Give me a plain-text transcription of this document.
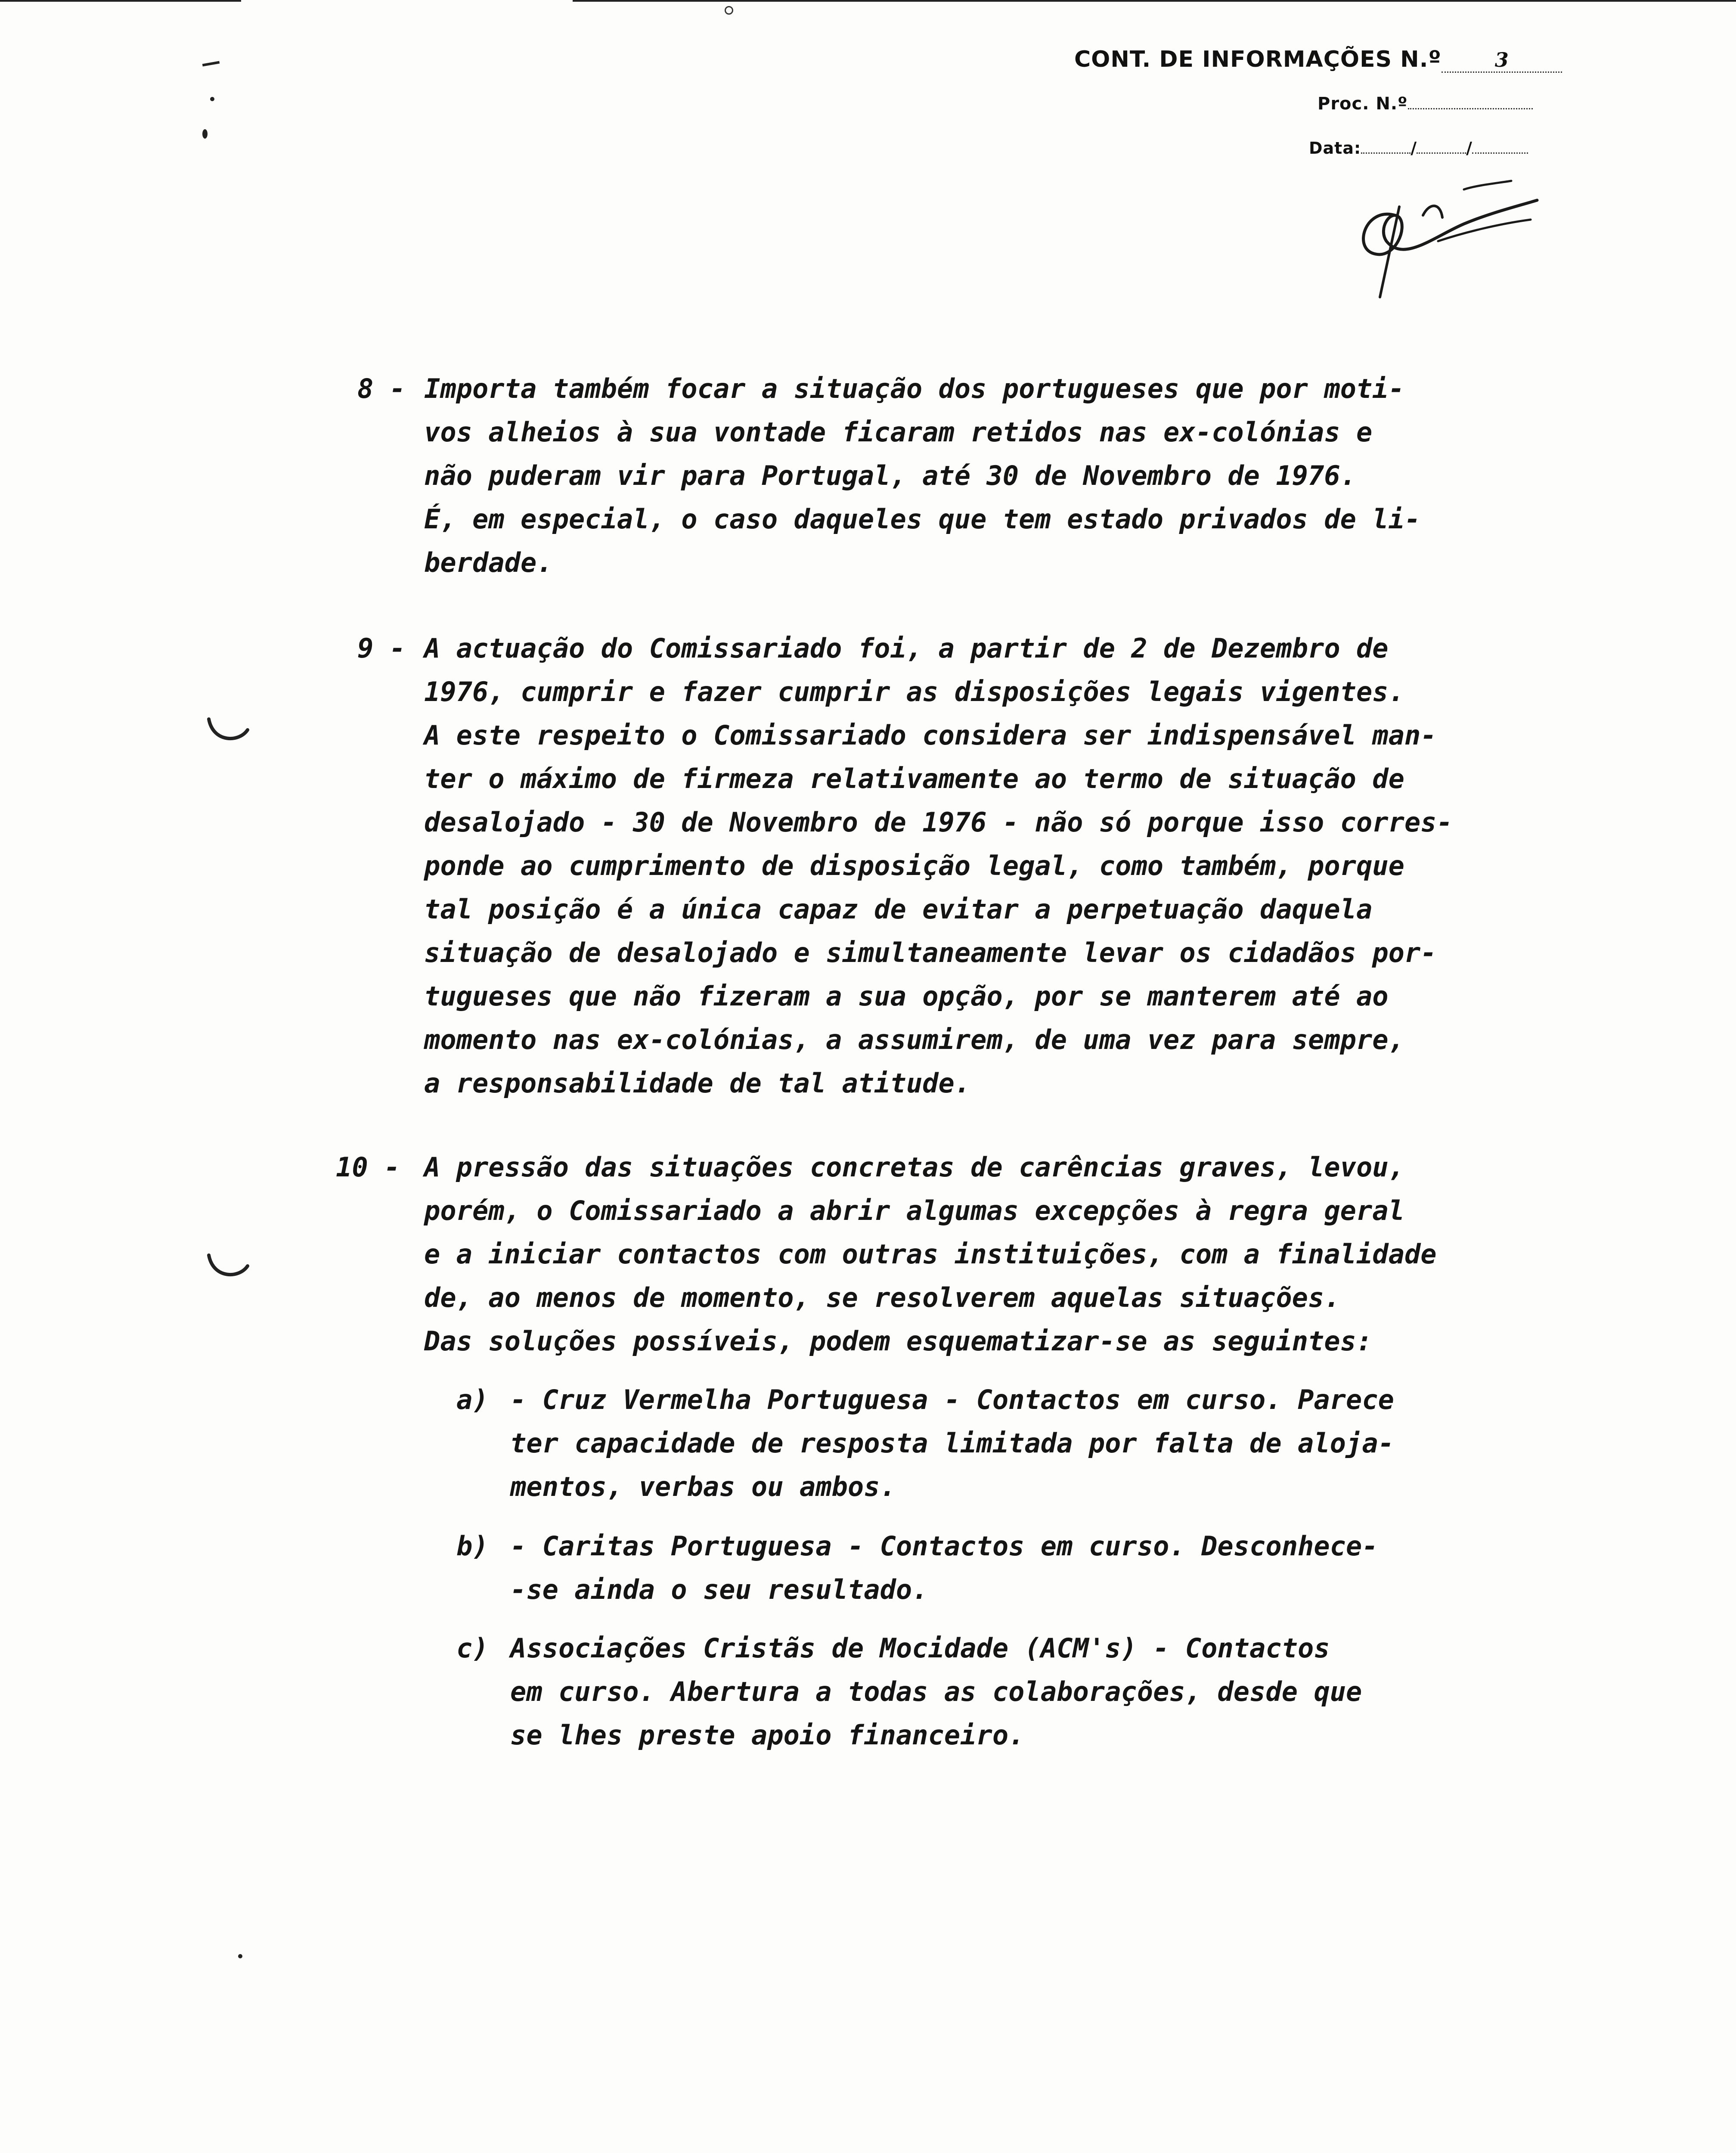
CONT. DE INFORMAÇÕES N.º	3
Proc. N.º
Data:	/	/
8 - Importa também focar a situação dos portugueses que por moti-
vos alheios à sua vontade ficaram retidos nas ex-colónias e
não puderam vir para Portugal, até 30 de Novembro de 1976.
É, em especial, o caso daqueles que tem estado privados de li-
berdade.
9 - A actuação do Comissariado foi, a partir de 2 de Dezembro de
1976, cumprir e fazer cumprir as disposições legais vigentes.
A este respeito o Comissariado considera ser indispensável man-
ter o máximo de firmeza relativamente ao termo de situação de
desalojado - 30 de Novembro de 1976 - não só porque isso corres-
ponde ao cumprimento de disposição legal, como também, porque
tal posição é a única capaz de evitar a perpetuação daquela
situação de desalojado e simultaneamente levar os cidadãos por-
tugueses que não fizeram a sua opção, por se manterem até ao
momento nas ex-colónias, a assumirem, de uma vez para sempre,
a responsabilidade de tal atitude.
10 - A pressão das situações concretas de carências graves, levou,
porém, o Comissariado a abrir algumas excepções à regra geral
e a iniciar contactos com outras instituições, com a finalidade
de, ao menos de momento, se resolverem aquelas situações.
Das soluções possíveis, podem esquematizar-se as seguintes:
a) - Cruz Vermelha Portuguesa - Contactos em curso. Parece
ter capacidade de resposta limitada por falta de aloja-
mentos, verbas ou ambos.
b) - Caritas Portuguesa - Contactos em curso. Desconhece-
-se ainda o seu resultado.
c) Associações Cristãs de Mocidade (ACM's) - Contactos
em curso. Abertura a todas as colaborações, desde que
se lhes preste apoio financeiro.
